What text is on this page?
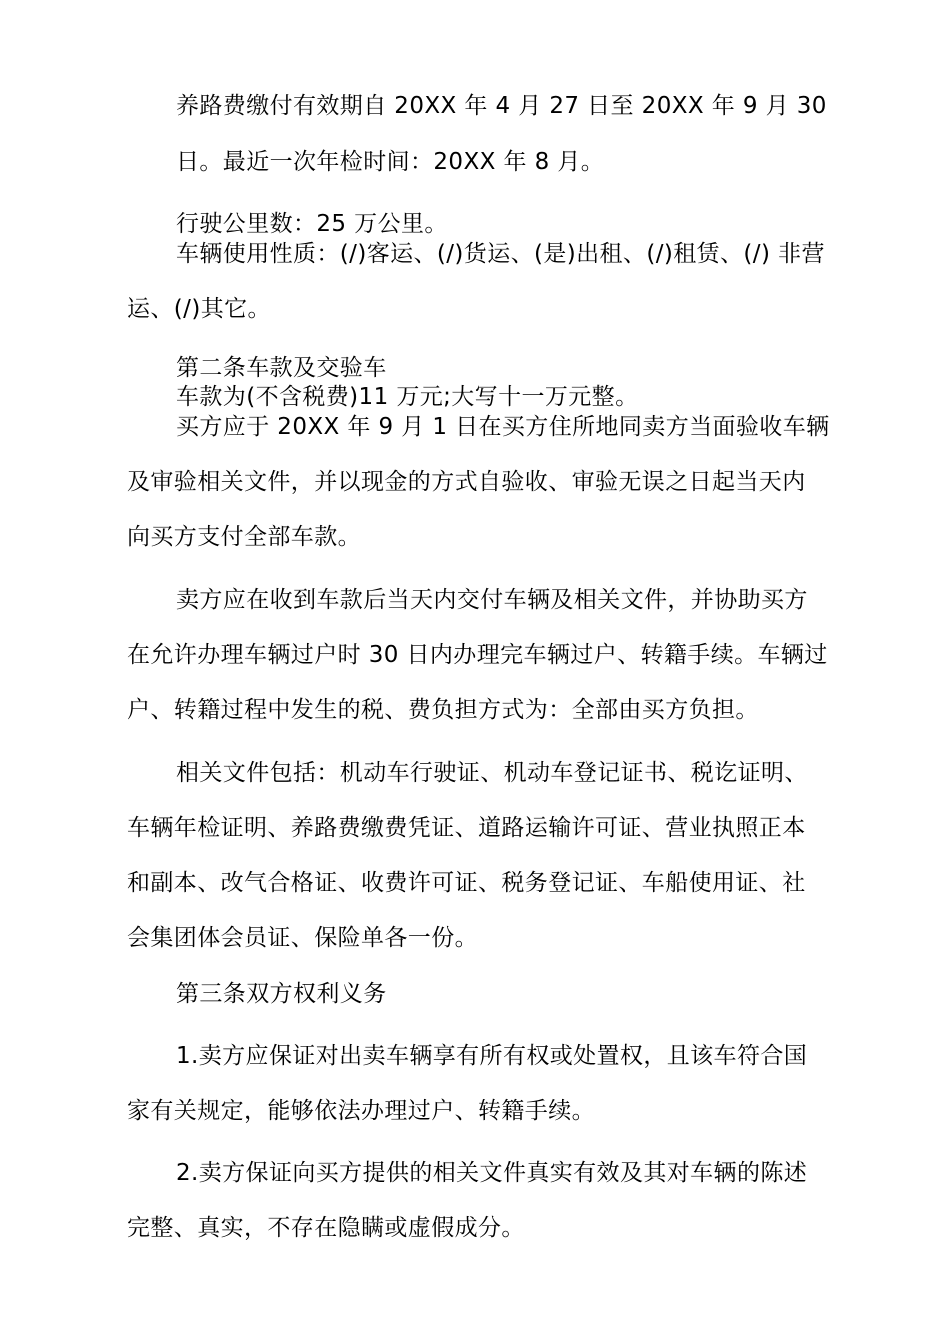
养路费缴付有效期自 20XX 年 4 月 27 日至 20XX 年 9 月 30
日。最近一次年检时间：20XX 年 8 月。
行驶公里数：25 万公里。
车辆使用性质：(/)客运、(/)货运、(是)出租、(/)租赁、(/) 非营
运、(/)其它。
第二条车款及交验车
车款为(不含税费)11 万元;大写十一万元整。
买方应于 20XX 年 9 月 1 日在买方住所地同卖方当面验收车辆
及审验相关文件，并以现金的方式自验收、审验无误之日起当天内
向买方支付全部车款。
卖方应在收到车款后当天内交付车辆及相关文件，并协助买方
在允许办理车辆过户时 30 日内办理完车辆过户、转籍手续。车辆过
户、转籍过程中发生的税、费负担方式为：全部由买方负担。
相关文件包括：机动车行驶证、机动车登记证书、税讫证明、
车辆年检证明、养路费缴费凭证、道路运输许可证、营业执照正本
和副本、改气合格证、收费许可证、税务登记证、车船使用证、社
会集团体会员证、保险单各一份。
第三条双方权利义务
1.卖方应保证对出卖车辆享有所有权或处置权，且该车符合国
家有关规定，能够依法办理过户、转籍手续。
2.卖方保证向买方提供的相关文件真实有效及其对车辆的陈述
完整、真实，不存在隐瞒或虚假成分。
